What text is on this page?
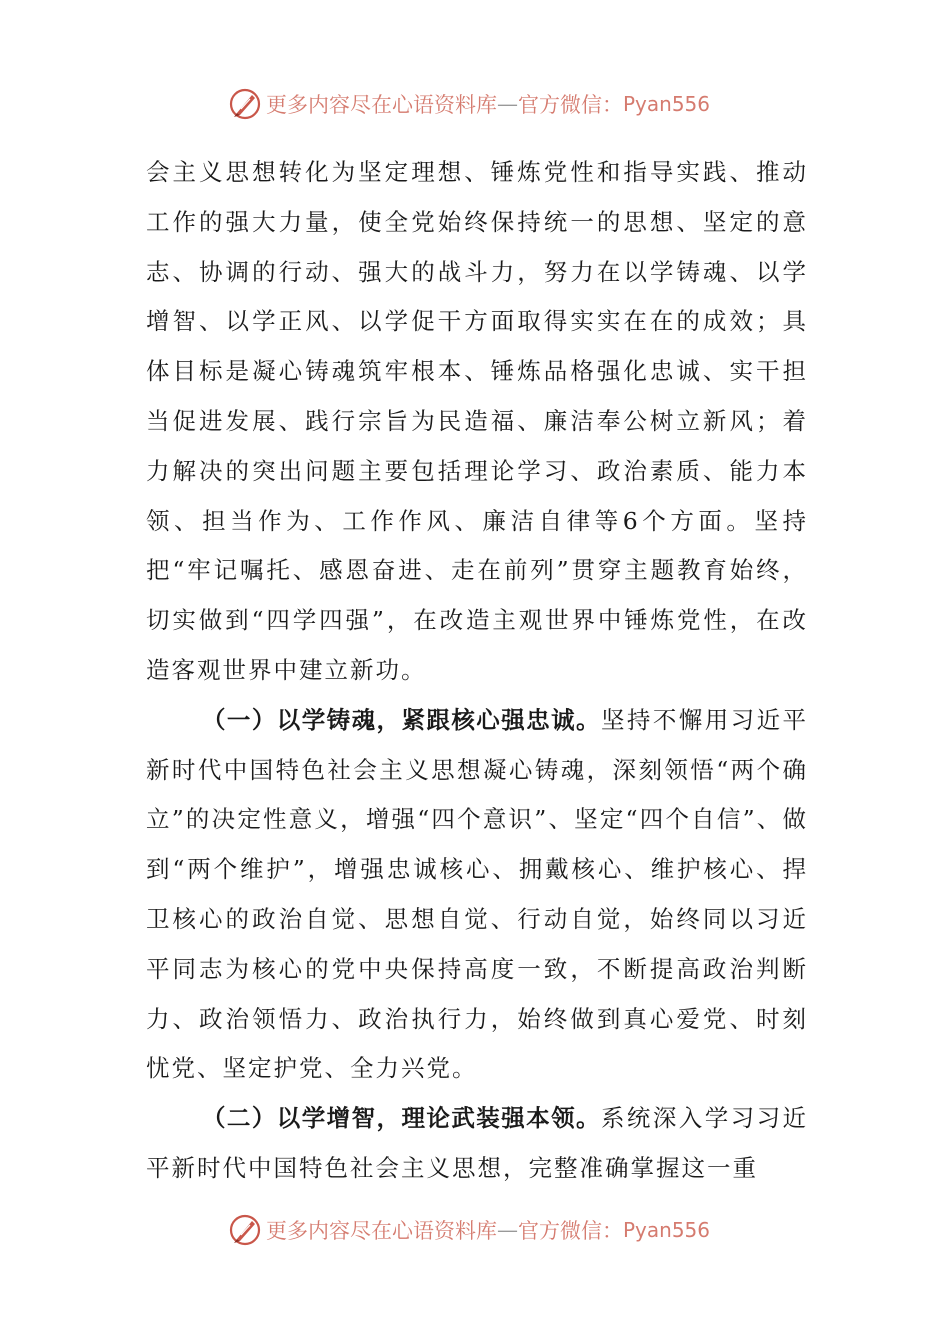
更多内容尽在心语资料库 — 官方微信： Pyan556

会主义思想转化为坚定理想、锤炼党性和指导实践、推动工作的强大力量，使全党始终保持统一的思想、坚定的意志、协调的行动、强大的战斗力，努力在以学铸魂、以学增智、以学正风、以学促干方面取得实实在在的成效；具体目标是凝心铸魂筑牢根本、锤炼品格强化忠诚、实干担当促进发展、践行宗旨为民造福、廉洁奉公树立新风；着力解决的突出问题主要包括理论学习、政治素质、能力本领、担当作为、工作作风、廉洁自律等6个方面。坚持把“牢记嘱托、感恩奋进、走在前列”贯穿主题教育始终，切实做到“四学四强”，在改造主观世界中锤炼党性，在改造客观世界中建立新功。

（一）以学铸魂，紧跟核心强忠诚。坚持不懈用习近平新时代中国特色社会主义思想凝心铸魂，深刻领悟“两个确立”的决定性意义，增强“四个意识”、坚定“四个自信”、做到“两个维护”，增强忠诚核心、拥戴核心、维护核心、捍卫核心的政治自觉、思想自觉、行动自觉，始终同以习近平同志为核心的党中央保持高度一致，不断提高政治判断力、政治领悟力、政治执行力，始终做到真心爱党、时刻忧党、坚定护党、全力兴党。

（二）以学增智，理论武装强本领。系统深入学习习近平新时代中国特色社会主义思想，完整准确掌握这一重

更多内容尽在心语资料库 — 官方微信： Pyan556
